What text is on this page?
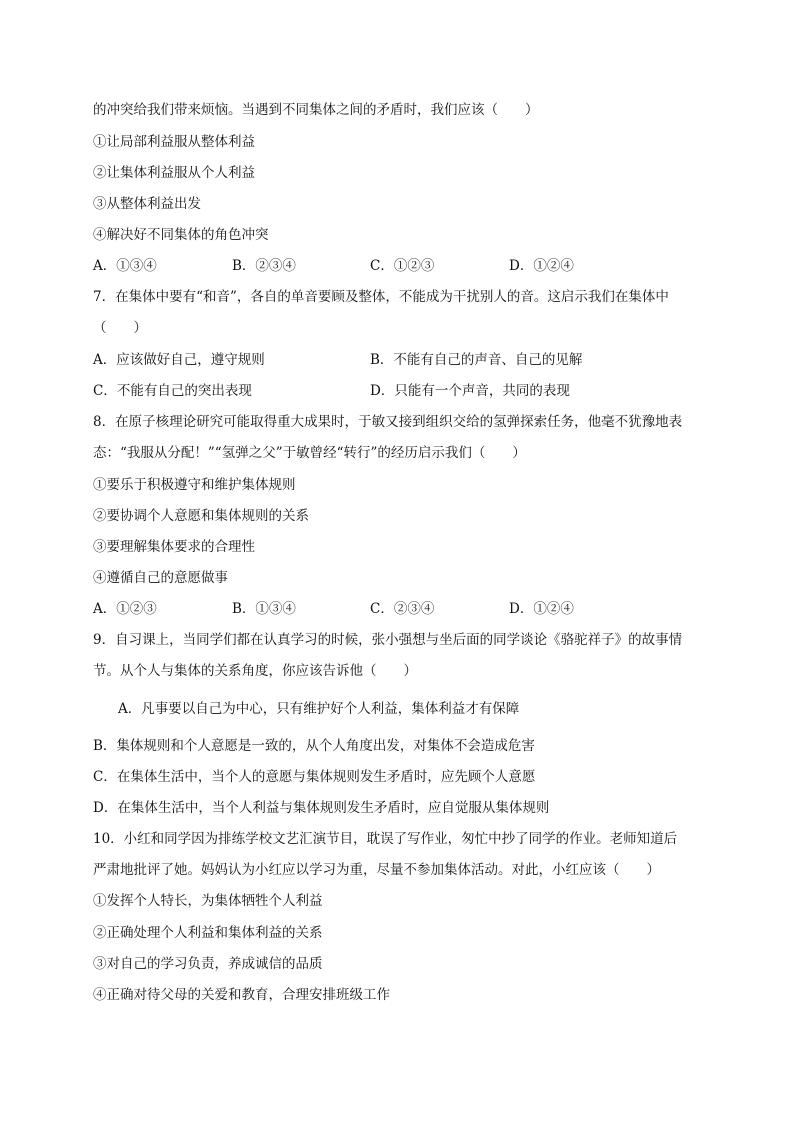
的冲突给我们带来烦恼。当遇到不同集体之间的矛盾时，我们应该（　　）
①让局部利益服从整体利益
②让集体利益服从个人利益
③从整体利益出发
④解决好不同集体的角色冲突
A．①③④	B．②③④	C．①②③	D．①②④
7．在集体中要有“和音”，各自的单音要顾及整体，不能成为干扰别人的音。这启示我们在集体中
（　　）
A．应该做好自己，遵守规则	B．不能有自己的声音、自己的见解
C．不能有自己的突出表现	D．只能有一个声音，共同的表现
8．在原子核理论研究可能取得重大成果时，于敏又接到组织交给的氢弹探索任务，他毫不犹豫地表
态：“我服从分配！”“氢弹之父”于敏曾经“转行”的经历启示我们（　　）
①要乐于积极遵守和维护集体规则
②要协调个人意愿和集体规则的关系
③要理解集体要求的合理性
④遵循自己的意愿做事
A．①②③	B．①③④	C．②③④	D．①②④
9．自习课上，当同学们都在认真学习的时候，张小强想与坐后面的同学谈论《骆驼祥子》的故事情
节。从个人与集体的关系角度，你应该告诉他（　　）
A．凡事要以自己为中心，只有维护好个人利益，集体利益才有保障
B．集体规则和个人意愿是一致的，从个人角度出发，对集体不会造成危害
C．在集体生活中，当个人的意愿与集体规则发生矛盾时，应先顾个人意愿
D．在集体生活中，当个人利益与集体规则发生矛盾时，应自觉服从集体规则
10．小红和同学因为排练学校文艺汇演节目，耽误了写作业，匆忙中抄了同学的作业。老师知道后
严肃地批评了她。妈妈认为小红应以学习为重，尽量不参加集体活动。对此，小红应该（　　）
①发挥个人特长，为集体牺牲个人利益
②正确处理个人利益和集体利益的关系
③对自己的学习负责，养成诚信的品质
④正确对待父母的关爱和教育，合理安排班级工作
